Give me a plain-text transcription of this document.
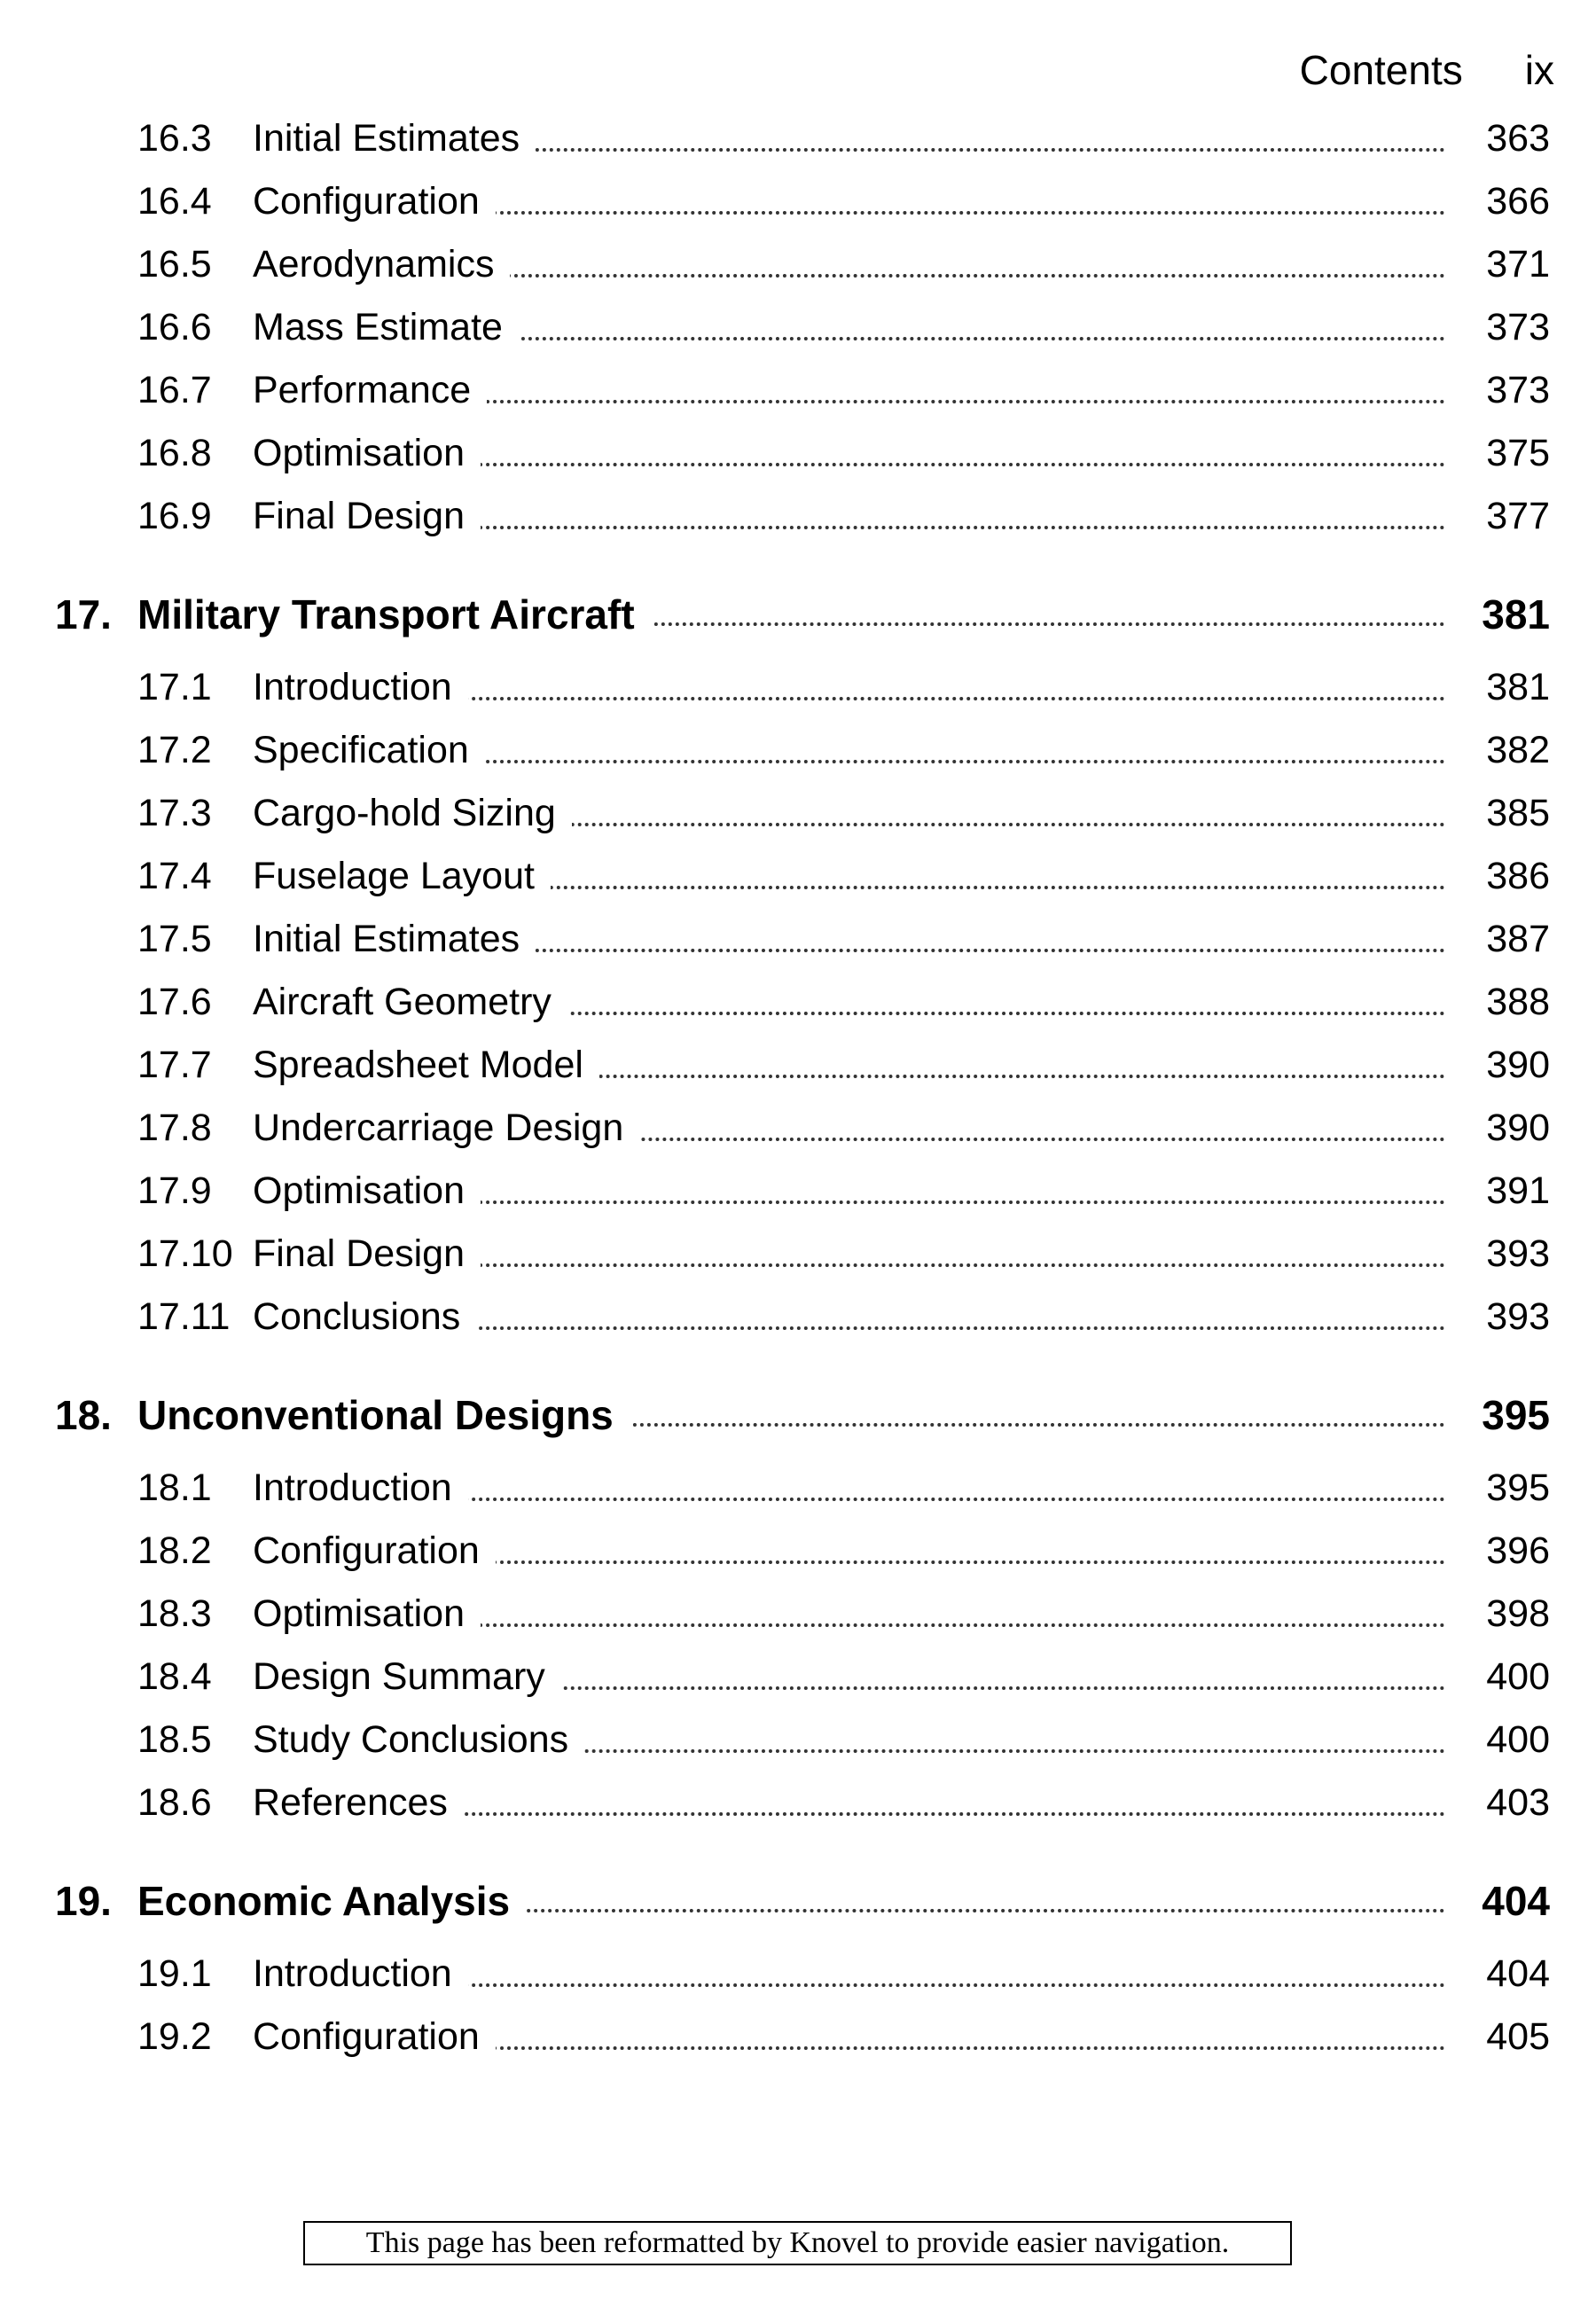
Contents ix
16.3 Initial Estimates	363
16.4 Configuration	366
16.5 Aerodynamics	371
16.6 Mass Estimate	373
16.7 Performance	373
16.8 Optimisation	375
16.9 Final Design	377
17. Military Transport Aircraft	381
17.1 Introduction	381
17.2 Specification	382
17.3 Cargo-hold Sizing	385
17.4 Fuselage Layout	386
17.5 Initial Estimates	387
17.6 Aircraft Geometry	388
17.7 Spreadsheet Model	390
17.8 Undercarriage Design	390
17.9 Optimisation	391
17.10 Final Design	393
17.11 Conclusions	393
18. Unconventional Designs	395
18.1 Introduction	395
18.2 Configuration	396
18.3 Optimisation	398
18.4 Design Summary	400
18.5 Study Conclusions	400
18.6 References	403
19. Economic Analysis	404
19.1 Introduction	404
19.2 Configuration	405
This page has been reformatted by Knovel to provide easier navigation.
